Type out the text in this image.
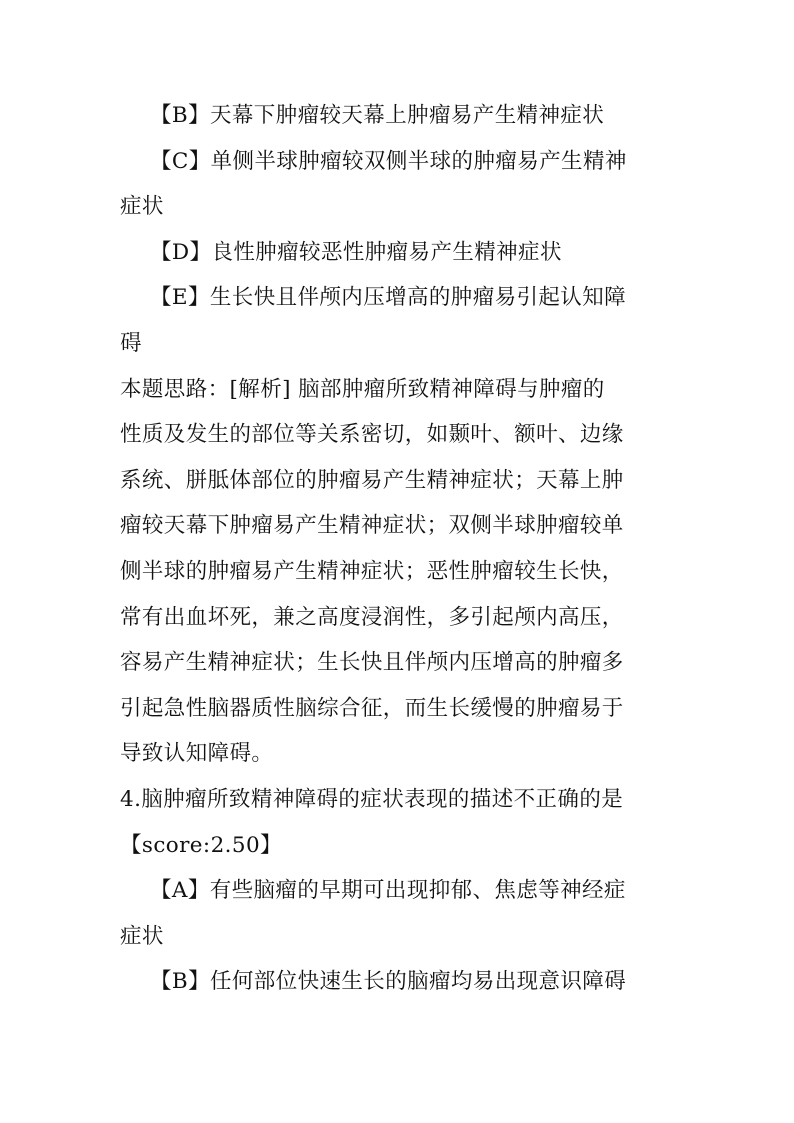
【B】天幕下肿瘤较天幕上肿瘤易产生精神症状
【C】单侧半球肿瘤较双侧半球的肿瘤易产生精神
症状
【D】良性肿瘤较恶性肿瘤易产生精神症状
【E】生长快且伴颅内压增高的肿瘤易引起认知障
碍
本题思路：[解析] 脑部肿瘤所致精神障碍与肿瘤的
性质及发生的部位等关系密切，如颞叶、额叶、边缘
系统、胼胝体部位的肿瘤易产生精神症状；天幕上肿
瘤较天幕下肿瘤易产生精神症状；双侧半球肿瘤较单
侧半球的肿瘤易产生精神症状；恶性肿瘤较生长快，
常有出血坏死，兼之高度浸润性，多引起颅内高压，
容易产生精神症状；生长快且伴颅内压增高的肿瘤多
引起急性脑器质性脑综合征，而生长缓慢的肿瘤易于
导致认知障碍。
4.脑肿瘤所致精神障碍的症状表现的描述不正确的是
【score:2.50】
【A】有些脑瘤的早期可出现抑郁、焦虑等神经症
症状
【B】任何部位快速生长的脑瘤均易出现意识障碍
